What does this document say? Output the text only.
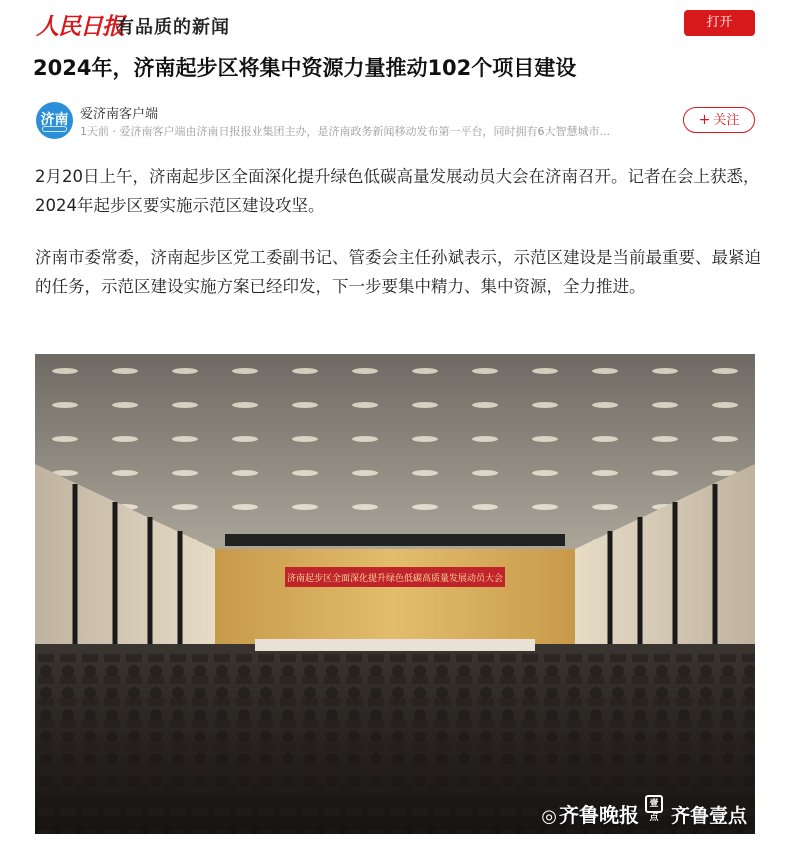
人民日报
有品质的新闻	打开
2024年，济南起步区将集中资源力量推动102个项目建设
济南 爱济南客户端
1天前 · 爱济南客户端由济南日报报业集团主办，是济南政务新闻移动发布第一平台，同时拥有6大智慧城市...
+ 关注

2月20日上午，济南起步区全面深化提升绿色低碳高量发展动员大会在济南召开。记者在会上获悉，2024年起步区要实施示范区建设攻坚。

济南市委常委，济南起步区党工委副书记、管委会主任孙斌表示，示范区建设是当前最重要、最紧迫的任务，示范区建设实施方案已经印发，下一步要集中精力、集中资源，全力推进。

济南起步区全面深化提升绿色低碳高质量发展动员大会
◎ 齐鲁晚报 壹点 齐鲁壹点
